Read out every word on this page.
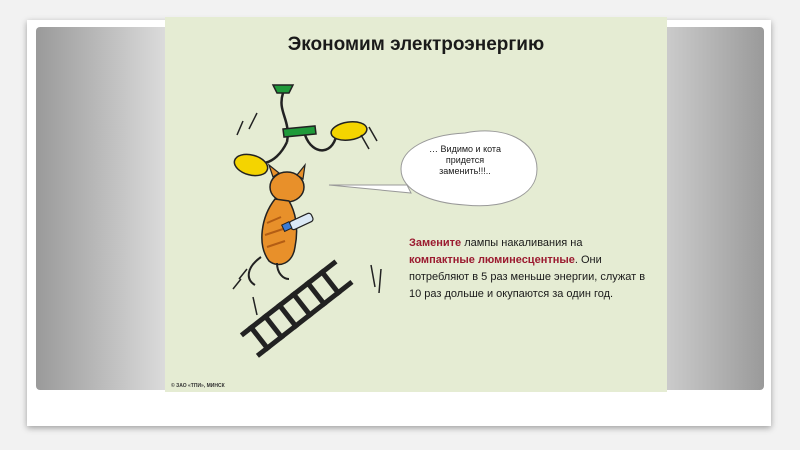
Экономим электроэнергию
… Видимо и кота придется заменить!!!..
Замените лампы накаливания на компактные люминесцентные. Они потребляют в 5 раз меньше энергии, служат в 10 раз дольше и окупаются за один год.
© ЗАО «ТПИ», МИНСК
